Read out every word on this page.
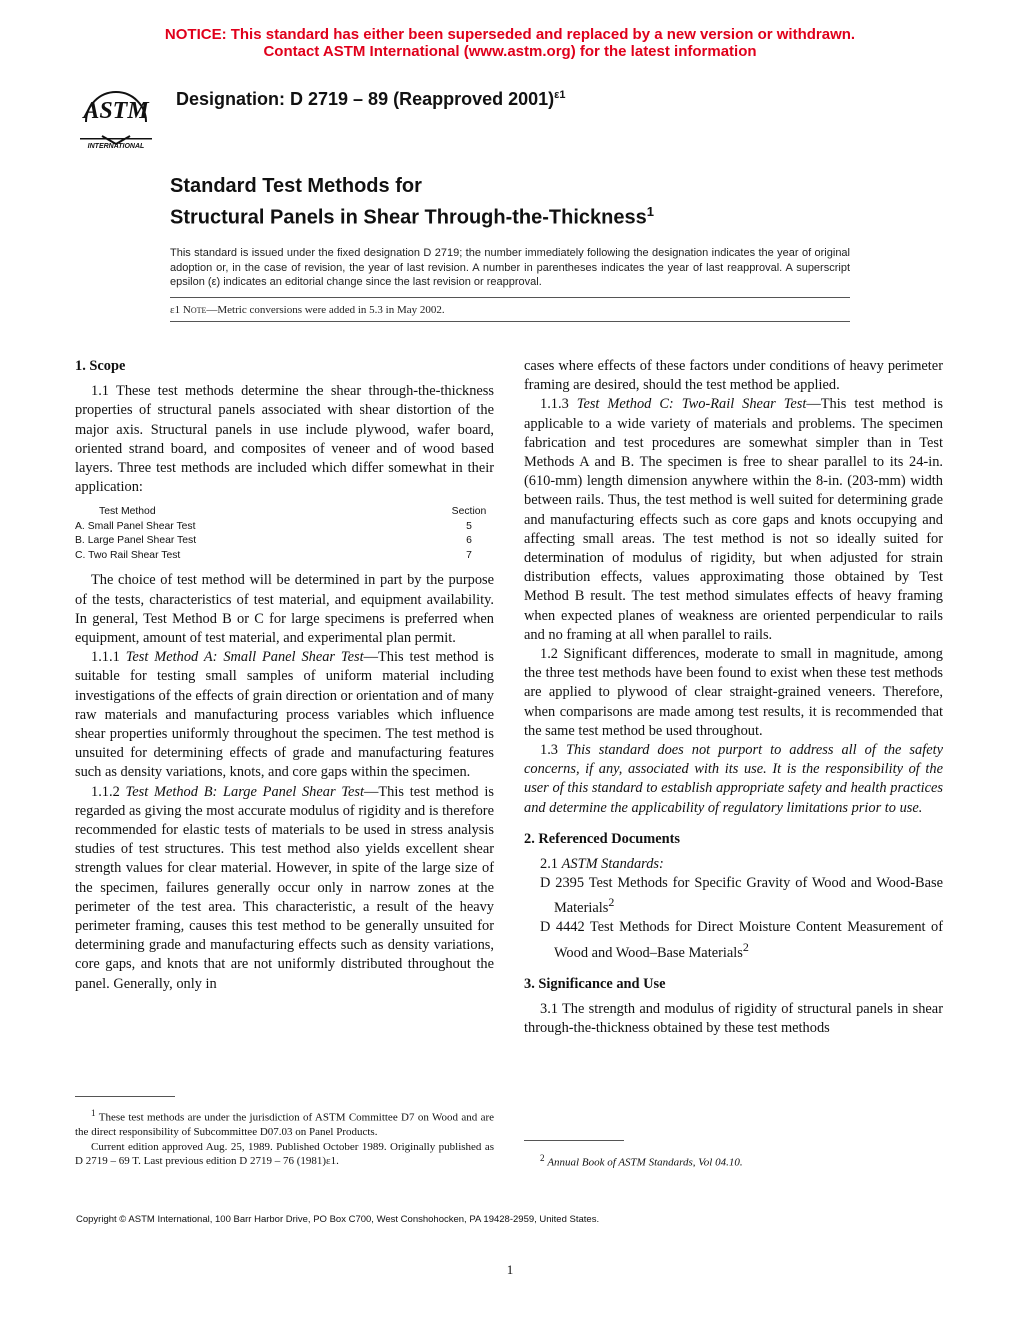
NOTICE: This standard has either been superseded and replaced by a new version or withdrawn.
Contact ASTM International (www.astm.org) for the latest information
ASTM
INTERNATIONAL
Designation: D 2719 – 89 (Reapproved 2001)$^{\varepsilon 1}$
Standard Test Methods for
Structural Panels in Shear Through-the-Thickness$^1$
This standard is issued under the fixed designation D 2719; the number immediately following the designation indicates the year of original adoption or, in the case of revision, the year of last revision. A number in parentheses indicates the year of last reapproval. A superscript epsilon (ε) indicates an editorial change since the last revision or reapproval.
ε1 Note—Metric conversions were added in 5.3 in May 2002.
1. Scope

1.1 These test methods determine the shear through-the-thickness properties of structural panels associated with shear distortion of the major axis. Structural panels in use include plywood, wafer board, oriented strand board, and composites of veneer and of wood based layers. Three test methods are included which differ somewhat in their application:

Test Method	Section
A. Small Panel Shear Test	5
B. Large Panel Shear Test	6
C. Two Rail Shear Test	7

The choice of test method will be determined in part by the purpose of the tests, characteristics of test material, and equipment availability. In general, Test Method B or C for large specimens is preferred when equipment, amount of test material, and experimental plan permit.

1.1.1 Test Method A: Small Panel Shear Test—This test method is suitable for testing small samples of uniform material including investigations of the effects of grain direction or orientation and of many raw materials and manufacturing process variables which influence shear properties uniformly throughout the specimen. The test method is unsuited for determining effects of grade and manufacturing features such as density variations, knots, and core gaps within the specimen.

1.1.2 Test Method B: Large Panel Shear Test—This test method is regarded as giving the most accurate modulus of rigidity and is therefore recommended for elastic tests of materials to be used in stress analysis studies of test structures. This test method also yields excellent shear strength values for clear material. However, in spite of the large size of the specimen, failures generally occur only in narrow zones at the perimeter of the test area. This characteristic, a result of the heavy perimeter framing, causes this test method to be generally unsuited for determining grade and manufacturing effects such as density variations, core gaps, and knots that are not uniformly distributed throughout the panel. Generally, only in

$^1$ These test methods are under the jurisdiction of ASTM Committee D7 on Wood and are the direct responsibility of Subcommittee D07.03 on Panel Products.

Current edition approved Aug. 25, 1989. Published October 1989. Originally published as D 2719 – 69 T. Last previous edition D 2719 – 76 (1981)ε1.

cases where effects of these factors under conditions of heavy perimeter framing are desired, should the test method be applied.

1.1.3 Test Method C: Two-Rail Shear Test—This test method is applicable to a wide variety of materials and problems. The specimen fabrication and test procedures are somewhat simpler than in Test Methods A and B. The specimen is free to shear parallel to its 24-in.(610-mm) length dimension anywhere within the 8-in. (203-mm) width between rails. Thus, the test method is well suited for determining grade and manufacturing effects such as core gaps and knots occupying and affecting small areas. The test method is not so ideally suited for determination of modulus of rigidity, but when adjusted for strain distribution effects, values approximating those obtained by Test Method B result. The test method simulates effects of heavy framing when expected planes of weakness are oriented perpendicular to rails and no framing at all when parallel to rails.

1.2 Significant differences, moderate to small in magnitude, among the three test methods have been found to exist when these test methods are applied to plywood of clear straight-grained veneers. Therefore, when comparisons are made among test results, it is recommended that the same test method be used throughout.

1.3 This standard does not purport to address all of the safety concerns, if any, associated with its use. It is the responsibility of the user of this standard to establish appropriate safety and health practices and determine the applicability of regulatory limitations prior to use.

2. Referenced Documents

2.1 ASTM Standards:

D 2395 Test Methods for Specific Gravity of Wood and Wood-Base Materials$^2$

D 4442 Test Methods for Direct Moisture Content Measurement of Wood and Wood–Base Materials$^2$

3. Significance and Use

3.1 The strength and modulus of rigidity of structural panels in shear through-the-thickness obtained by these test methods

$^2$ Annual Book of ASTM Standards, Vol 04.10.

Copyright © ASTM International, 100 Barr Harbor Drive, PO Box C700, West Conshohocken, PA 19428-2959, United States.
1
